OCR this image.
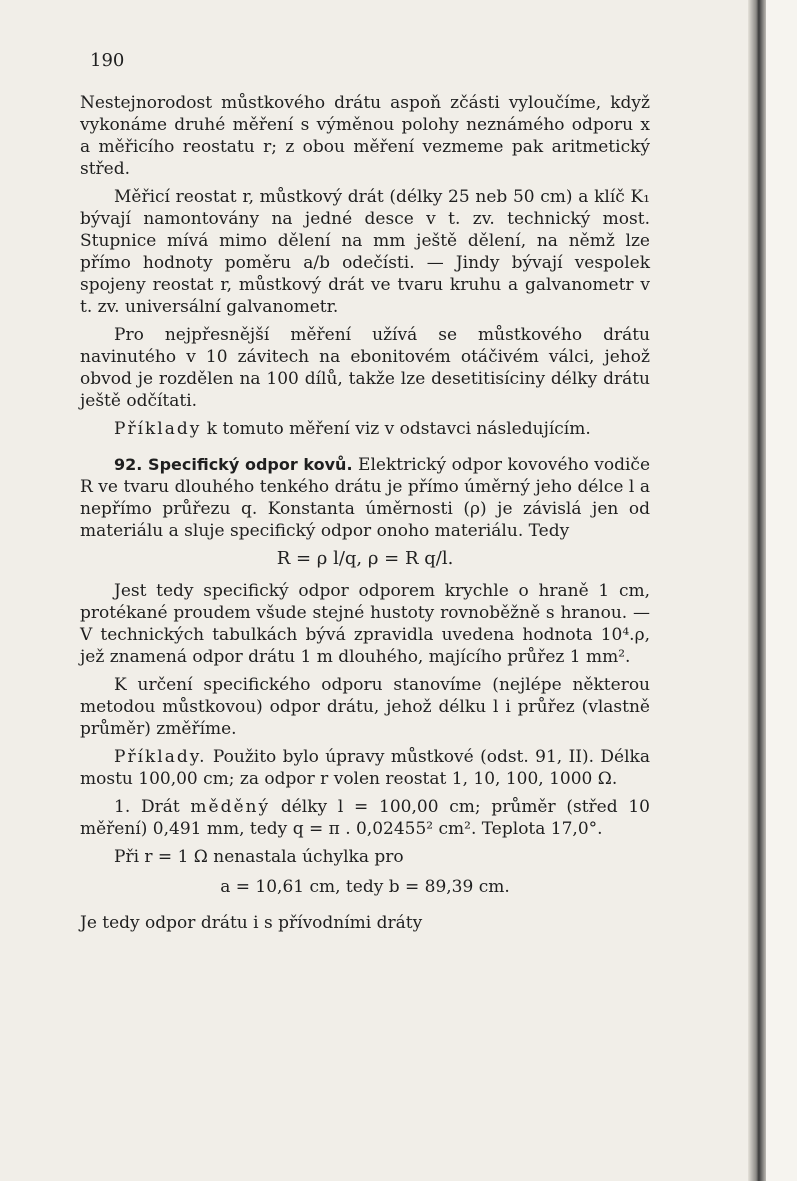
190

Nestejnorodost můstkového drátu aspoň zčásti vyloučíme, když vykonáme druhé měření s výměnou polohy neznámého odporu x a měřicího reostatu r; z obou měření vezmeme pak aritmetický střed.

Měřicí reostat r, můstkový drát (délky 25 neb 50 cm) a klíč K₁ bývají namontovány na jedné desce v t. zv. technický most. Stupnice mívá mimo dělení na mm ještě dělení, na němž lze přímo hodnoty poměru a/b odečísti. — Jindy bývají vespolek spojeny reostat r, můstkový drát ve tvaru kruhu a galvanometr v t. zv. universální galvanometr.

Pro nejpřesnější měření užívá se můstkového drátu navinutého v 10 závitech na ebonitovém otáčivém válci, jehož obvod je rozdělen na 100 dílů, takže lze desetitisíciny délky drátu ještě odčítati.

Příklady k tomuto měření viz v odstavci následujícím.

92. Specifický odpor kovů. Elektrický odpor kovového vodiče R ve tvaru dlouhého tenkého drátu je přímo úměrný jeho délce l a nepřímo průřezu q. Konstanta úměrnosti (ρ) je závislá jen od materiálu a sluje specifický odpor onoho materiálu. Tedy

R = ρ l/q, ρ = R q/l.

Jest tedy specifický odpor odporem krychle o hraně 1 cm, protékané proudem všude stejné hustoty rovnoběžně s hranou. — V technických tabulkách bývá zpravidla uvedena hodnota 10⁴.ρ, jež znamená odpor drátu 1 m dlouhého, majícího průřez 1 mm².

K určení specifického odporu stanovíme (nejlépe některou metodou můstkovou) odpor drátu, jehož délku l i průřez (vlastně průměr) změříme.

Příklady. Použito bylo úpravy můstkové (odst. 91, II). Délka mostu 100,00 cm; za odpor r volen reostat 1, 10, 100, 1000 Ω.

1. Drát měděný délky l = 100,00 cm; průměr (střed 10 měření) 0,491 mm, tedy q = π . 0,02455² cm². Teplota 17,0°.

Při r = 1 Ω nenastala úchylka pro

a = 10,61 cm, tedy b = 89,39 cm.

Je tedy odpor drátu i s přívodními dráty
